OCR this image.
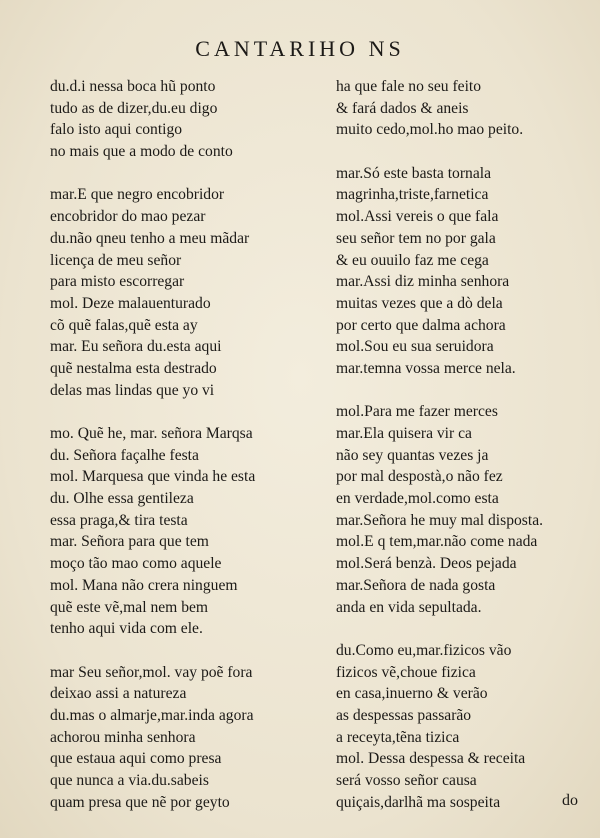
CANTARIHO NS
du.d.i nessa boca hũ ponto
tudo as de dizer,du.eu digo
falo isto aqui contigo
no mais que a modo de conto
mar.E que negro encobridor
encobridor do mao pezar
du.não qneu tenho a meu mãdar
licença de meu señor
para misto escorregar
mol. Deze malauenturado
cõ quẽ falas,quẽ esta ay
mar. Eu señora du.esta aqui
quẽ nestalma esta destrado
delas mas lindas que yo vi
mo. Quẽ he, mar. señora Marqsa
du. Señora façalhe festa
mol. Marquesa que vinda he esta
du. Olhe essa gentileza
essa praga,& tira testa
mar. Señora para que tem
moço tão mao como aquele
mol. Mana não crera ninguem
quẽ este vẽ,mal nem bem
tenho aqui vida com ele.
mar Seu señor,mol. vay poẽ fora
deixao assi a natureza
du.mas o almarje,mar.inda agora
achorou minha senhora
que estaua aqui como presa
que nunca a via.du.sabeis
quam presa que nẽ por geyto
ha que fale no seu feito
& fará dados & aneis
muito cedo,mol.ho mao peito.
mar.Só este basta tornala
magrinha,triste,farnetica
mol.Assi vereis o que fala
seu señor tem no por gala
& eu ouuilo faz me cega
mar.Assi diz minha senhora
muitas vezes que a dò dela
por certo que dalma achora
mol.Sou eu sua seruidora
mar.temna vossa merce nela.
mol.Para me fazer merces
mar.Ela quisera vir ca
não sey quantas vezes ja
por mal despostà,o não fez
en verdade,mol.como esta
mar.Señora he muy mal disposta.
mol.E q tem,mar.não come nada
mol.Será benzà. Deos pejada
mar.Señora de nada gosta
anda en vida sepultada.
du.Como eu,mar.fizicos vão
fizicos vẽ,choue fizica
en casa,inuerno & verão
as despessas passarão
a receyta,tẽna tizica
mol. Dessa despessa & receita
será vosso señor causa
quiçais,darlhã ma sospeita	do
